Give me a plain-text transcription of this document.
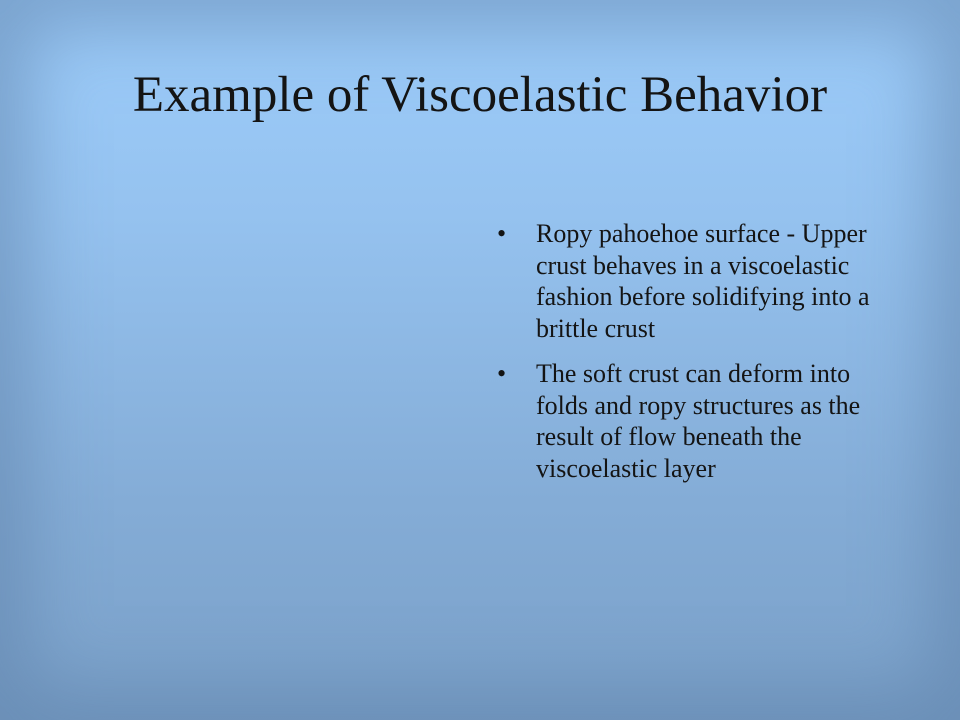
Example of Viscoelastic Behavior
• Ropy pahoehoe surface - Upper crust behaves in a viscoelastic fashion before solidifying into a brittle crust
• The soft crust can deform into folds and ropy structures as the result of flow beneath the viscoelastic layer
